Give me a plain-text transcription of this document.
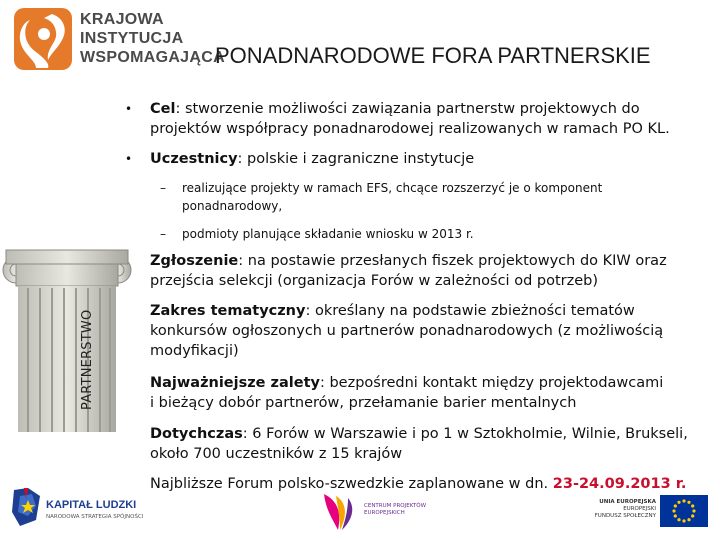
KRAJOWA
INSTYTUCJA
WSPOMAGAJĄCA
PONADNARODOWE FORA PARTNERSKIE
PARTNERSTWO
• Cel: stworzenie możliwości zawiązania partnerstw projektowych do projektów współpracy ponadnarodowej realizowanych w ramach PO KL.
• Uczestnicy: polskie i zagraniczne instytucje
–	realizujące projekty w ramach EFS, chcące rozszerzyć je o komponent ponadnarodowy,
–	podmioty planujące składanie wniosku w 2013 r.
Zgłoszenie: na postawie przesłanych fiszek projektowych do KIW oraz przejścia selekcji (organizacja Forów w zależności od potrzeb)
Zakres tematyczny: określany na podstawie zbieżności tematów konkursów ogłoszonych u partnerów ponadnarodowych (z możliwością modyfikacji)
Najważniejsze zalety: bezpośredni kontakt między projektodawcami i bieżący dobór partnerów, przełamanie barier mentalnych
Dotychczas: 6 Forów w Warszawie i po 1 w Sztokholmie, Wilnie, Brukseli, około 700 uczestników z 15 krajów
Najbliższe Forum polsko-szwedzkie zaplanowane w dn. 23-24.09.2013 r.
KAPITAŁ LUDZKI
NARODOWA STRATEGIA SPÓJNOŚCI
CENTRUM PROJEKTÓW
EUROPEJSKICH
UNIA EUROPEJSKA
EUROPEJSKI
FUNDUSZ SPOŁECZNY
